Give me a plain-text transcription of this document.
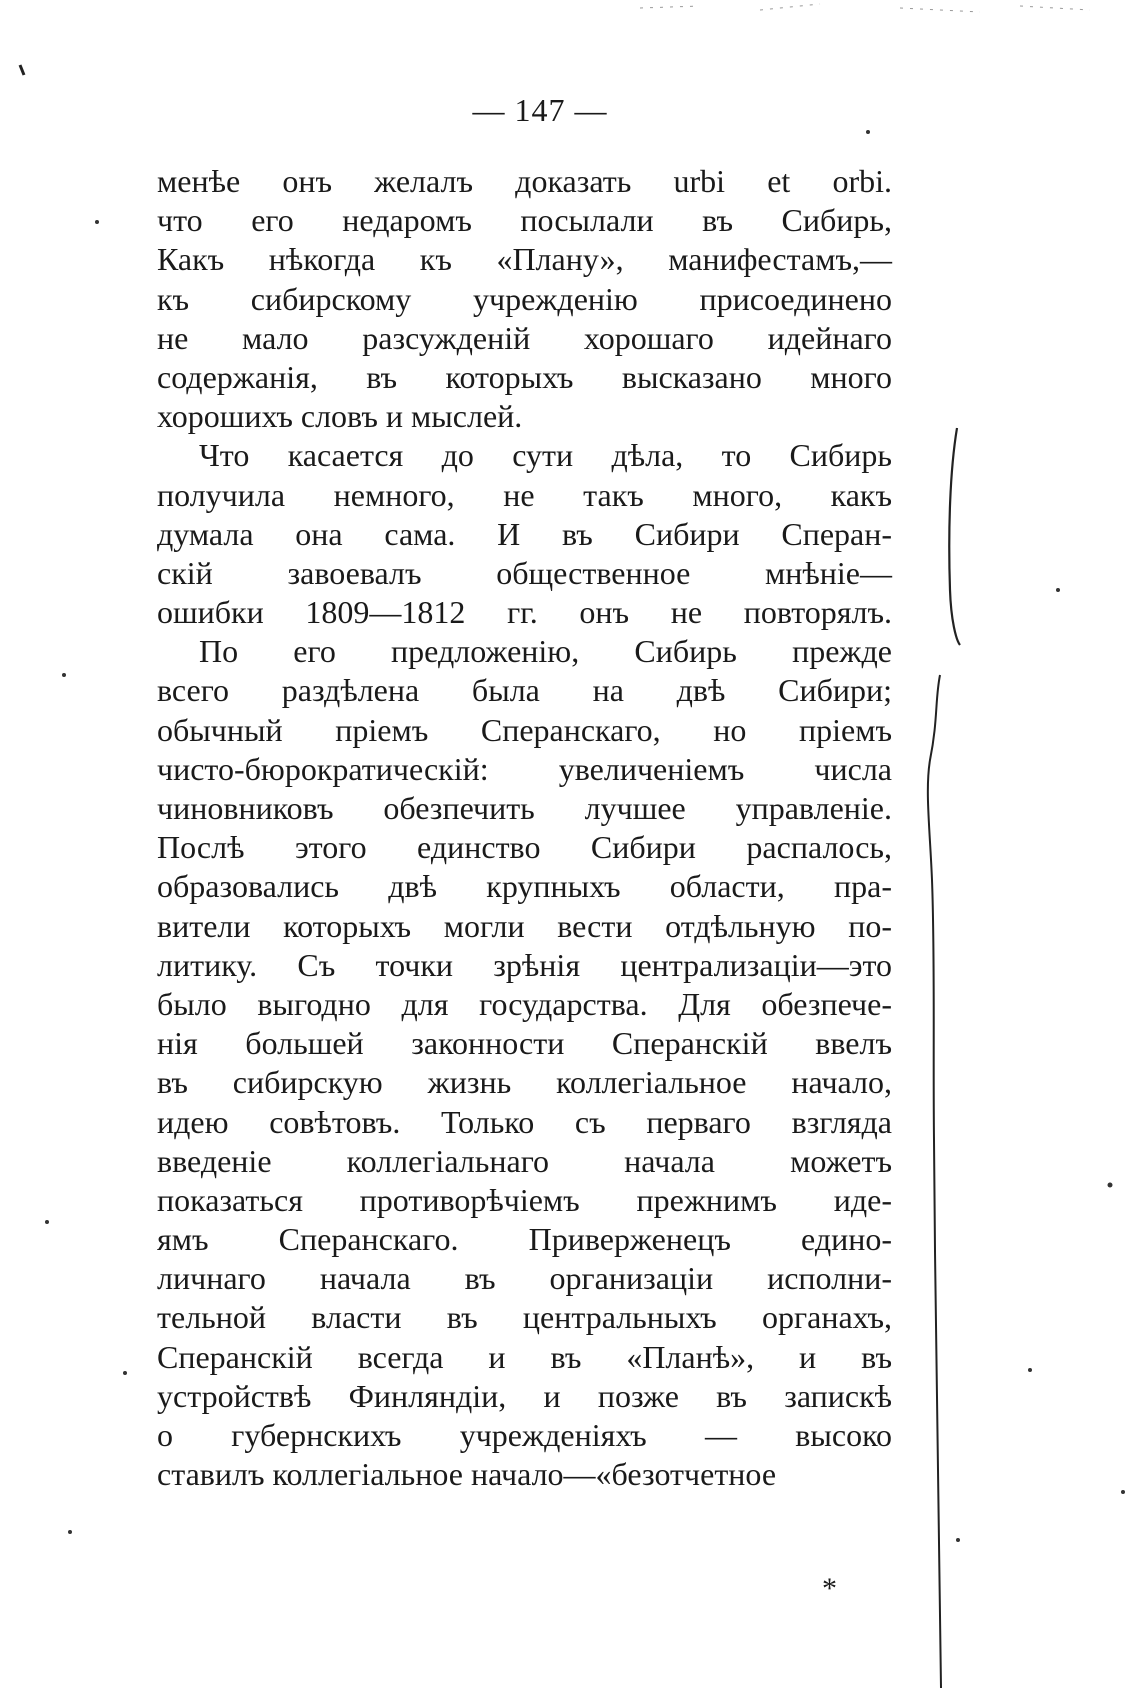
— 147 —
менѣе онъ желалъ доказать urbi et orbi.
что его недаромъ посылали въ Сибирь,
Какъ нѣкогда къ «Плану», манифестамъ,—
къ сибирскому учрежденію присоединено
не мало разсужденій хорошаго идейнаго
содержанія, въ которыхъ высказано много
хорошихъ словъ и мыслей.
Что касается до сути дѣла, то Сибирь
получила немного, не такъ много, какъ
думала она сама. И въ Сибири Сперан-
скій завоевалъ общественное мнѣніе—
ошибки 1809—1812 гг. онъ не повторялъ.
По его предложенію, Сибирь прежде
всего раздѣлена была на двѣ Сибири;
обычный пріемъ Сперанскаго, но пріемъ
чисто-бюрократическій: увеличеніемъ числа
чиновниковъ обезпечить лучшее управленіе.
Послѣ этого единство Сибири распалось,
образовались двѣ крупныхъ области, пра-
вители которыхъ могли вести отдѣльную по-
литику. Съ точки зрѣнія централизаціи—это
было выгодно для государства. Для обезпече-
нія большей законности Сперанскій ввелъ
въ сибирскую жизнь коллегіальное начало,
идею совѣтовъ. Только съ перваго взгляда
введеніе коллегіальнаго начала можетъ
показаться противорѣчіемъ прежнимъ иде-
ямъ Сперанскаго. Приверженецъ едино-
личнаго начала въ организаціи исполни-
тельной власти въ центральныхъ органахъ,
Сперанскій всегда и въ «Планѣ», и въ
устройствѣ Финляндіи, и позже въ запискѣ
о губернскихъ учрежденіяхъ — высоко
ставилъ коллегіальное начало—«безотчетное
*
